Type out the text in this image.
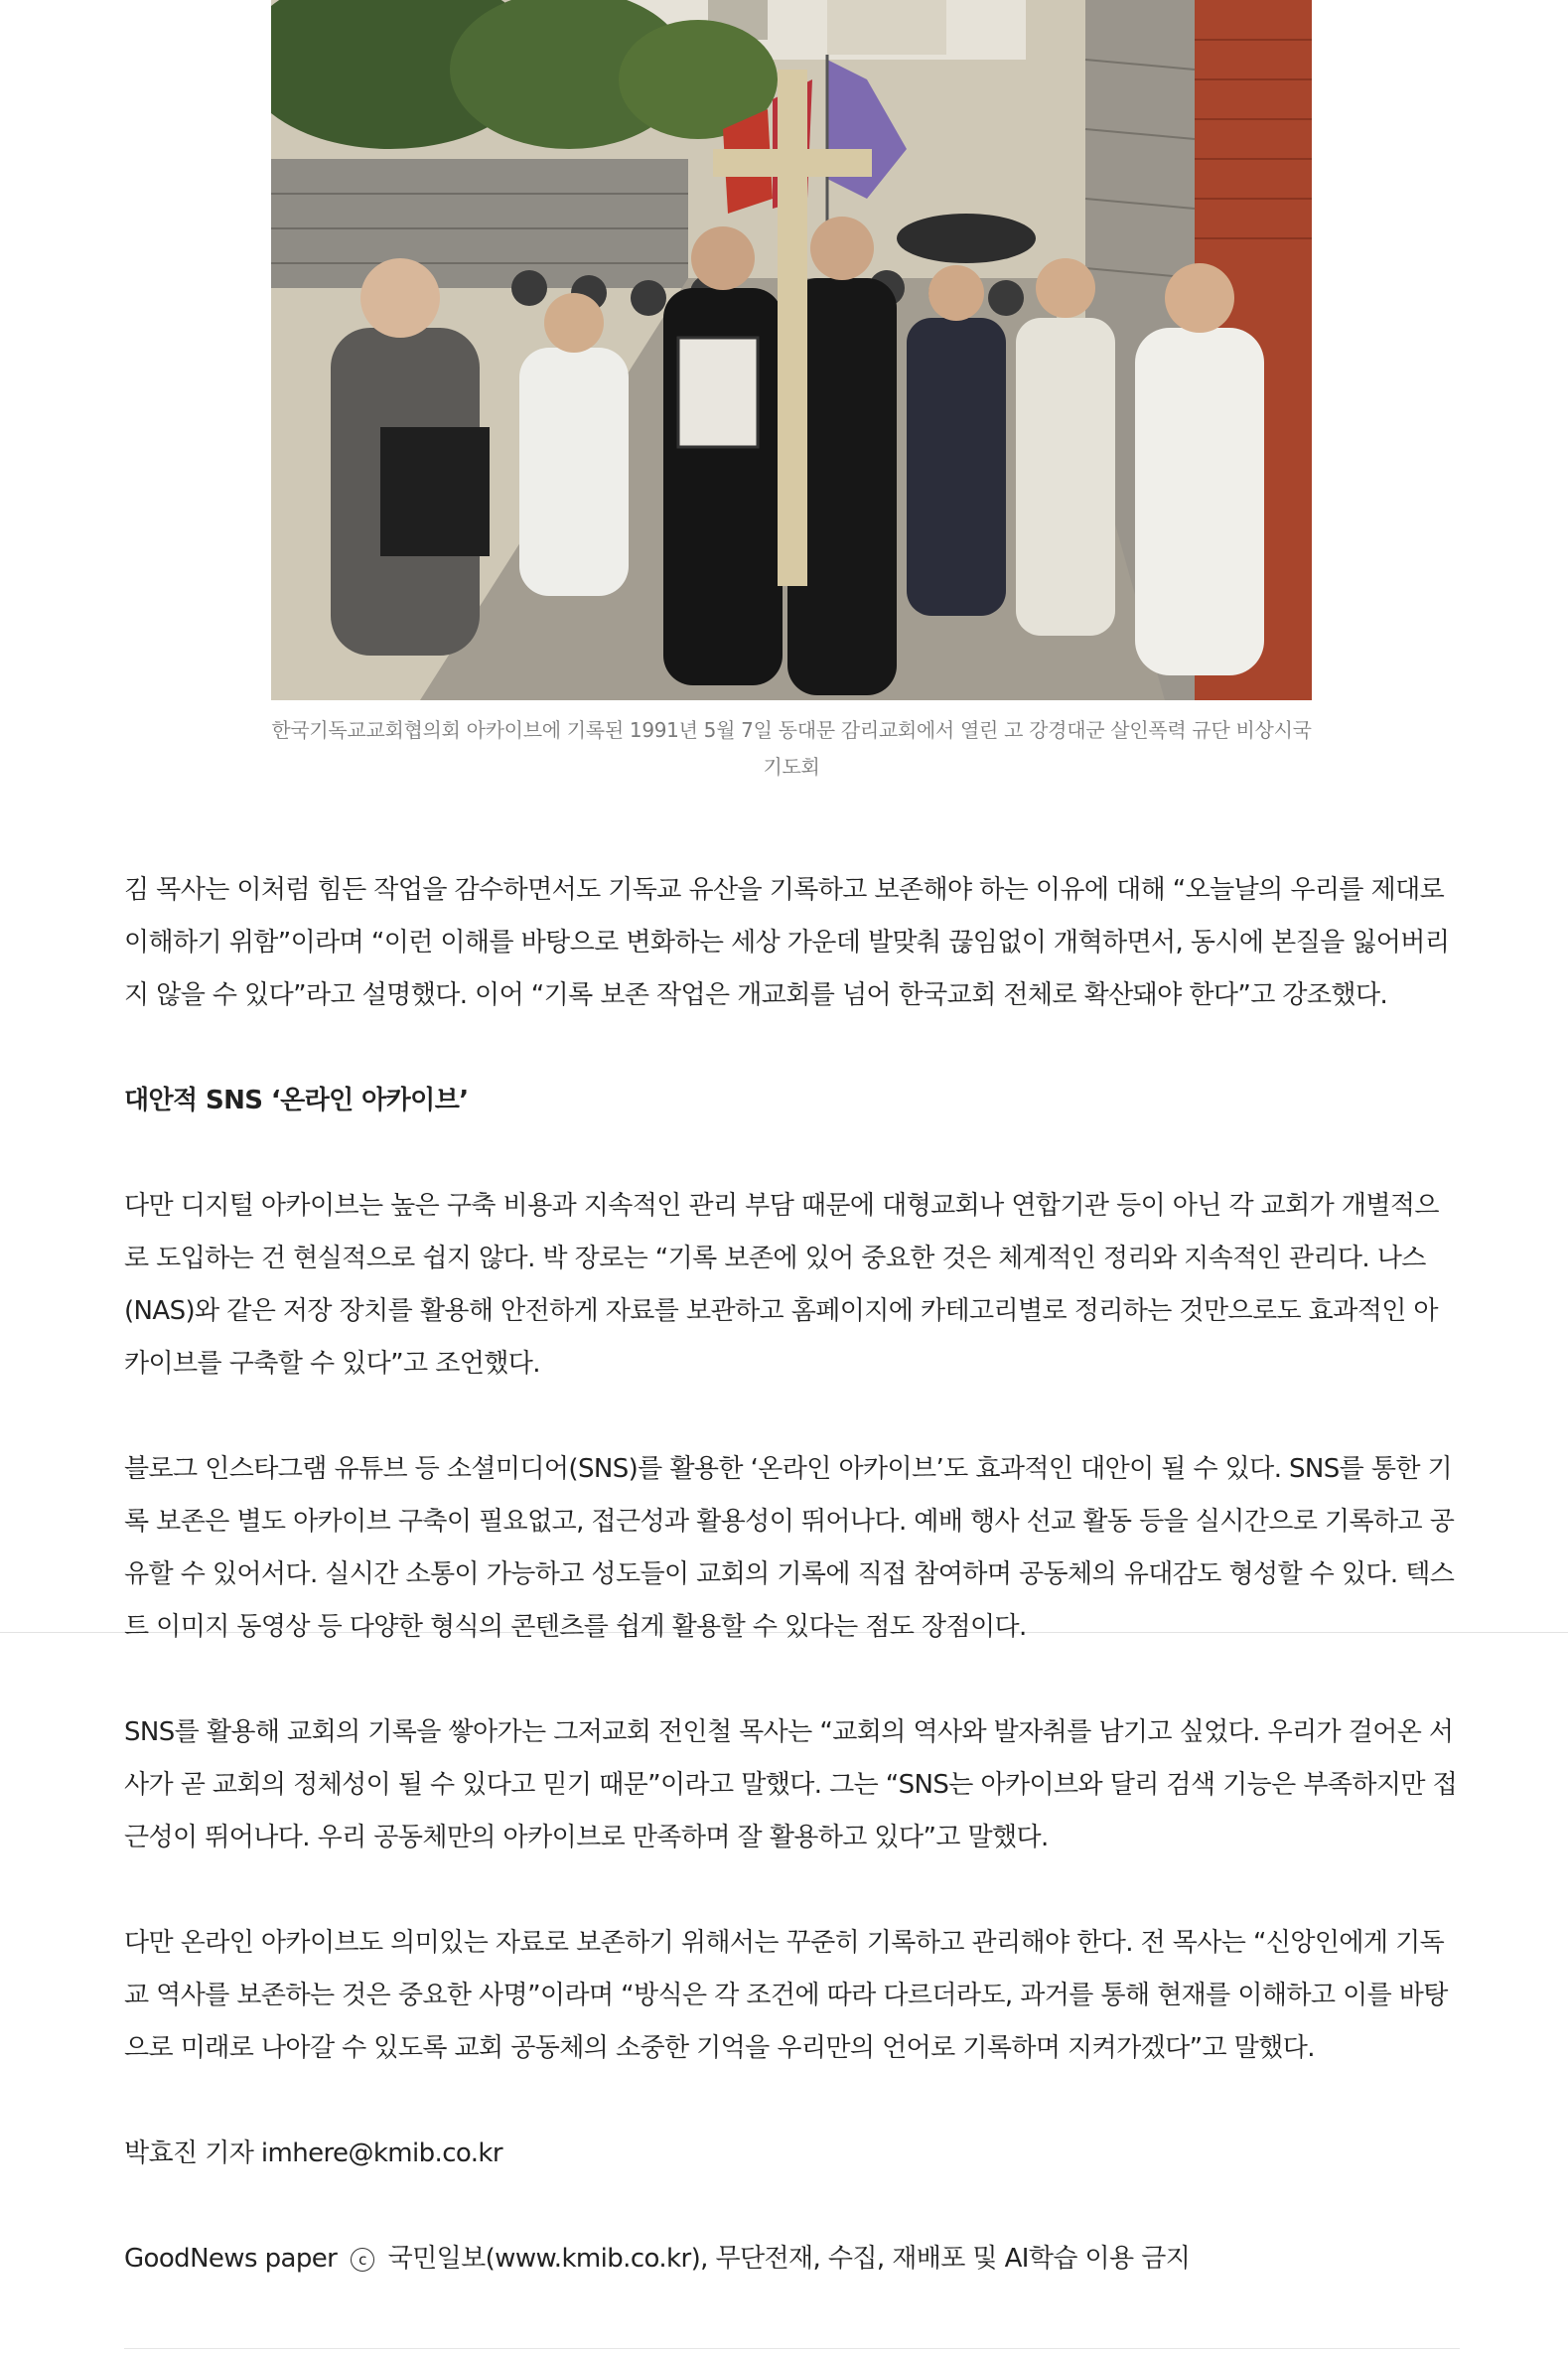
한국기독교교회협의회 아카이브에 기록된 1991년 5월 7일 동대문 감리교회에서 열린 고 강경대군 살인폭력 규단 비상시국
기도회

김 목사는 이처럼 힘든 작업을 감수하면서도 기독교 유산을 기록하고 보존해야 하는 이유에 대해 “오늘날의 우리를 제대로 이해하기 위함”이라며 “이런 이해를 바탕으로 변화하는 세상 가운데 발맞춰 끊임없이 개혁하면서, 동시에 본질을 잃어버리지 않을 수 있다”라고 설명했다. 이어 “기록 보존 작업은 개교회를 넘어 한국교회 전체로 확산돼야 한다”고 강조했다.

대안적 SNS ‘온라인 아카이브’

다만 디지털 아카이브는 높은 구축 비용과 지속적인 관리 부담 때문에 대형교회나 연합기관 등이 아닌 각 교회가 개별적으로 도입하는 건 현실적으로 쉽지 않다. 박 장로는 “기록 보존에 있어 중요한 것은 체계적인 정리와 지속적인 관리다. 나스(NAS)와 같은 저장 장치를 활용해 안전하게 자료를 보관하고 홈페이지에 카테고리별로 정리하는 것만으로도 효과적인 아카이브를 구축할 수 있다”고 조언했다.

블로그 인스타그램 유튜브 등 소셜미디어(SNS)를 활용한 ‘온라인 아카이브’도 효과적인 대안이 될 수 있다. SNS를 통한 기록 보존은 별도 아카이브 구축이 필요없고, 접근성과 활용성이 뛰어나다. 예배 행사 선교 활동 등을 실시간으로 기록하고 공유할 수 있어서다. 실시간 소통이 가능하고 성도들이 교회의 기록에 직접 참여하며 공동체의 유대감도 형성할 수 있다. 텍스트 이미지 동영상 등 다양한 형식의 콘텐츠를 쉽게 활용할 수 있다는 점도 장점이다.

SNS를 활용해 교회의 기록을 쌓아가는 그저교회 전인철 목사는 “교회의 역사와 발자취를 남기고 싶었다. 우리가 걸어온 서사가 곧 교회의 정체성이 될 수 있다고 믿기 때문”이라고 말했다. 그는 “SNS는 아카이브와 달리 검색 기능은 부족하지만 접근성이 뛰어나다. 우리 공동체만의 아카이브로 만족하며 잘 활용하고 있다”고 말했다.

다만 온라인 아카이브도 의미있는 자료로 보존하기 위해서는 꾸준히 기록하고 관리해야 한다. 전 목사는 “신앙인에게 기독교 역사를 보존하는 것은 중요한 사명”이라며 “방식은 각 조건에 따라 다르더라도, 과거를 통해 현재를 이해하고 이를 바탕으로 미래로 나아갈 수 있도록 교회 공동체의 소중한 기억을 우리만의 언어로 기록하며 지켜가겠다”고 말했다.

박효진 기자 imhere@kmib.co.kr

GoodNews paper c 국민일보(www.kmib.co.kr), 무단전재, 수집, 재배포 및 AI학습 이용 금지
